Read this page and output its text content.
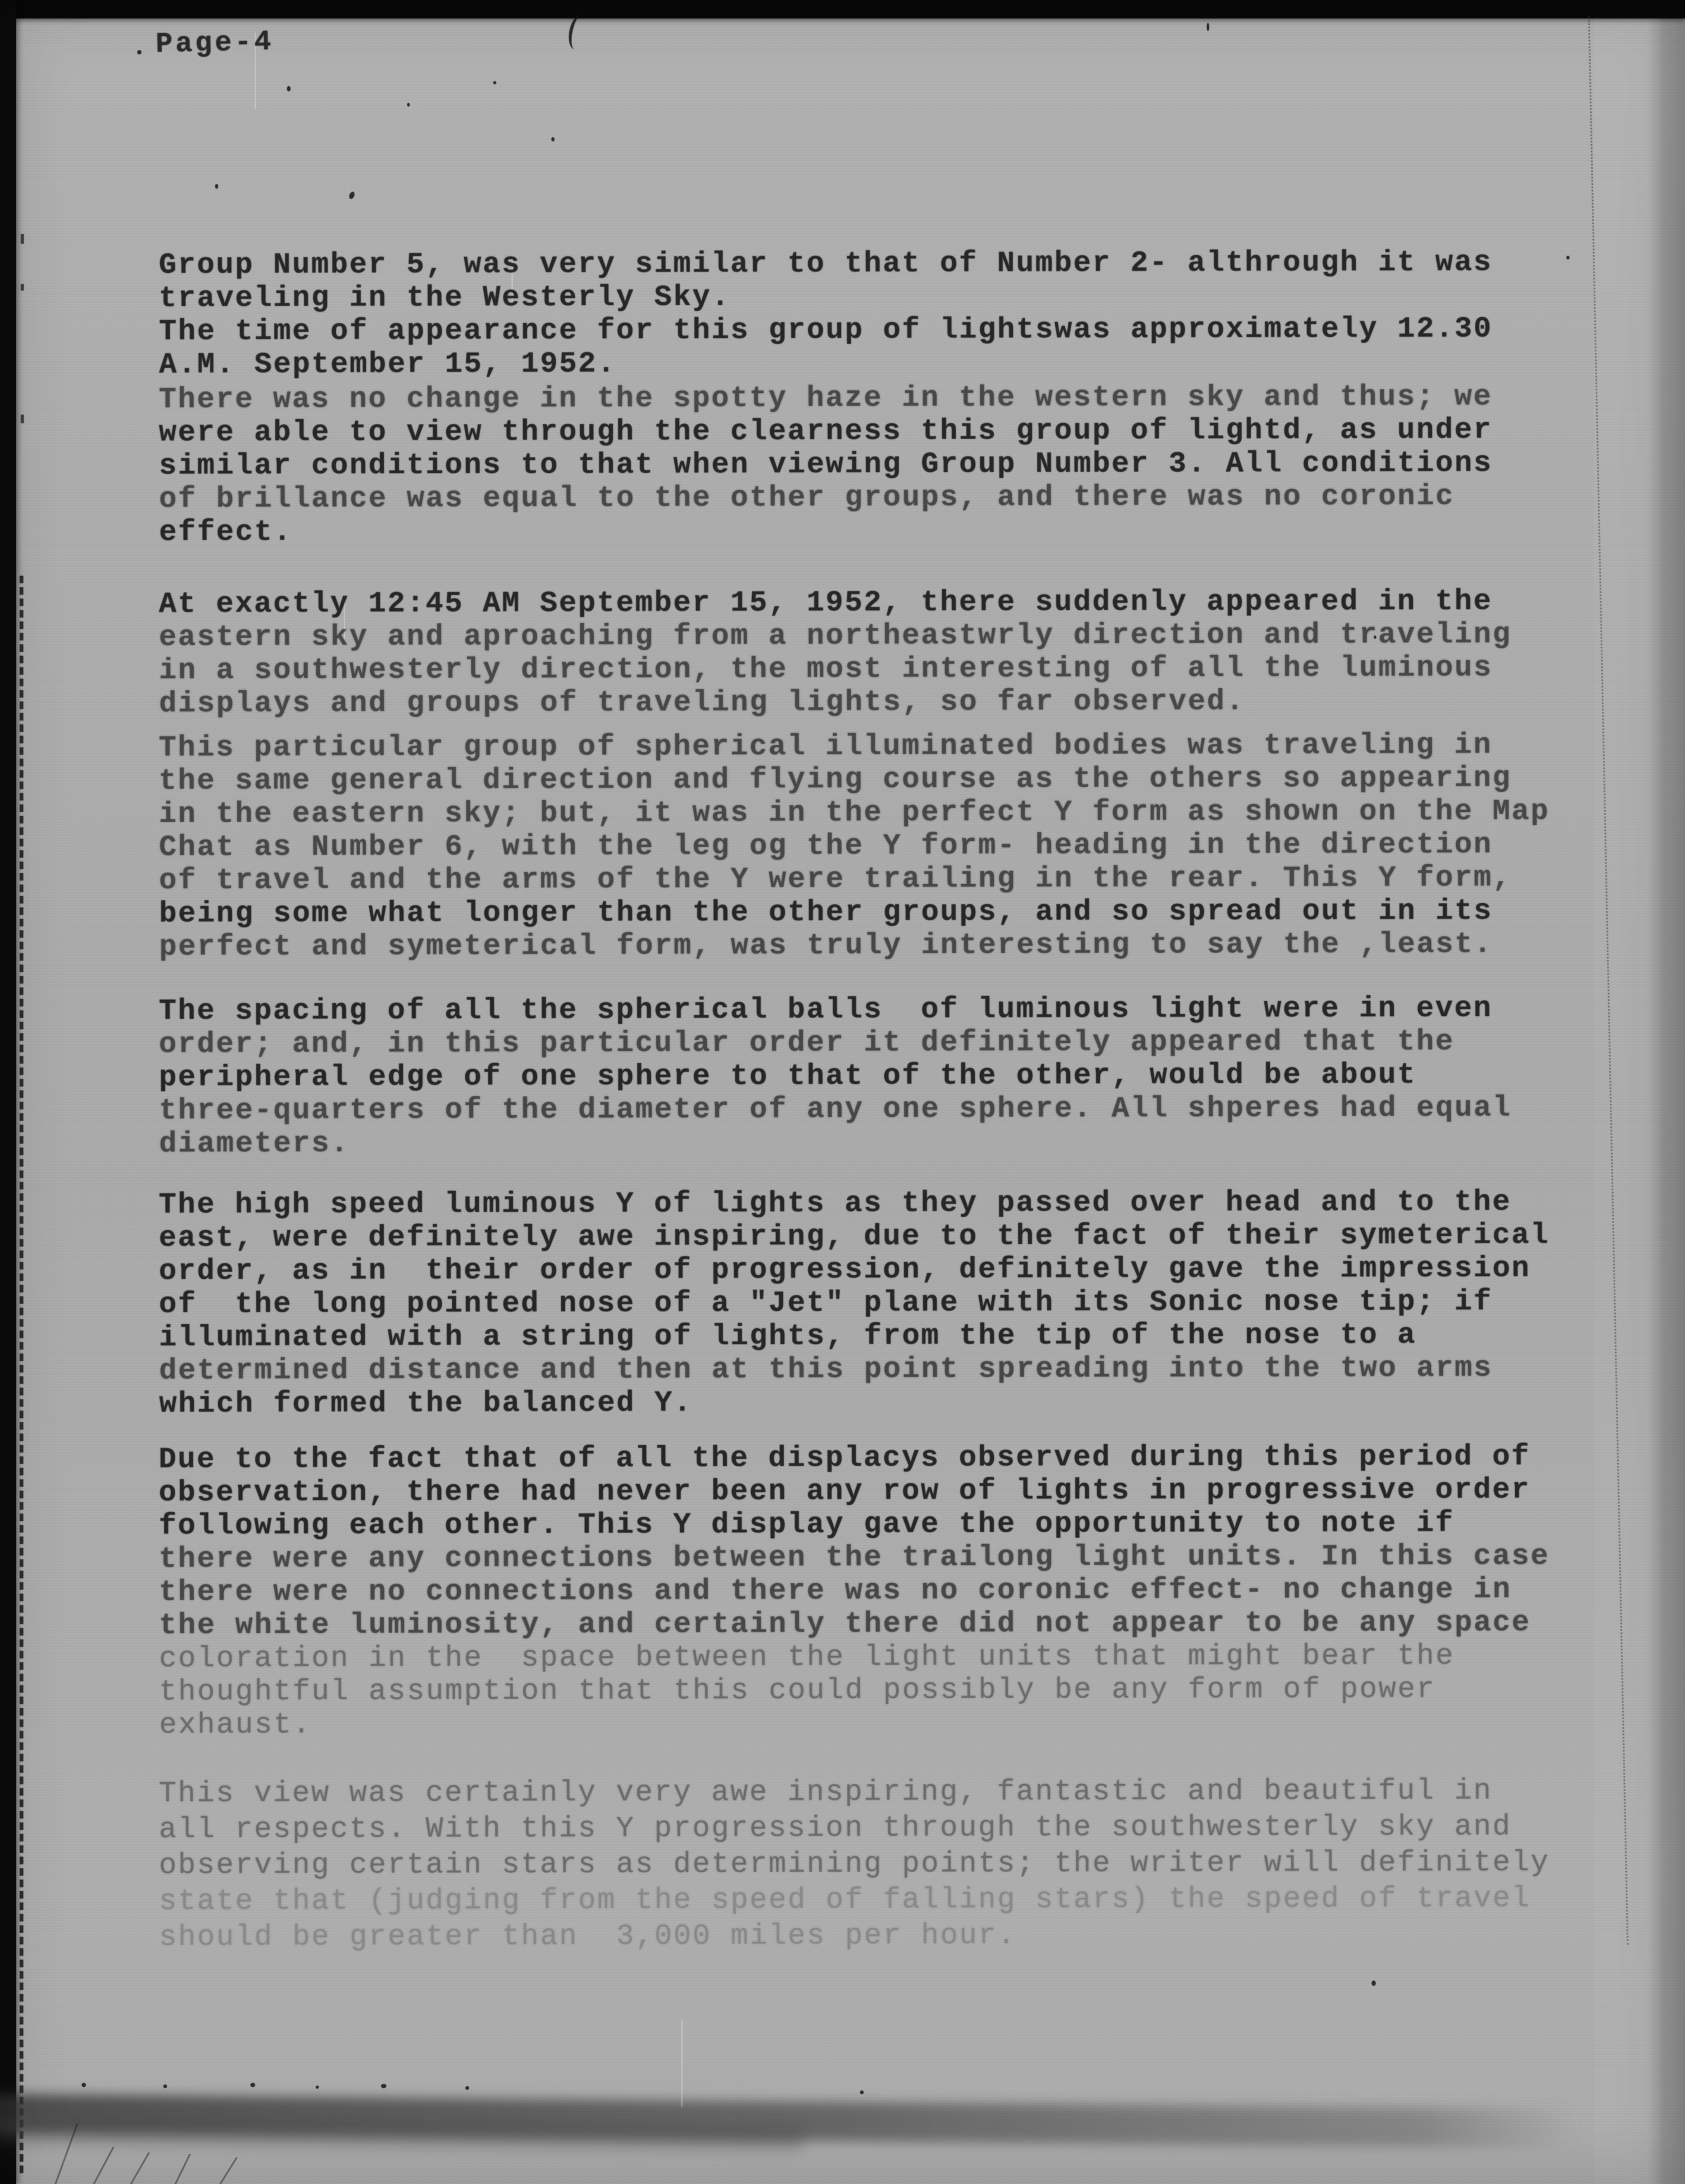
Page-4
Group Number 5, was very similar to that of Number 2- althrough it was
traveling in the Westerly Sky.
The time of appearance for this group of lightswas approximately 12.30
A.M. September 15, 1952.
There was no change in the spotty haze in the western sky and thus; we
were able to view through the clearness this group of lightd, as under
similar conditions to that when viewing Group Number 3. All conditions
of brillance was equal to the other groups, and there was no coronic
effect.
At exactly 12:45 AM September 15, 1952, there suddenly appeared in the
eastern sky and aproaching from a northeastwrly direction and traveling
in a southwesterly direction, the most interesting of all the luminous
displays and groups of traveling lights, so far observed.
This particular group of spherical illuminated bodies was traveling in
the same general direction and flying course as the others so appearing
in the eastern sky; but, it was in the perfect Y form as shown on the Map
Chat as Number 6, with the leg og the Y form- heading in the direction
of travel and the arms of the Y were trailing in the rear. This Y form,
being some what longer than the other groups, and so spread out in its
perfect and symeterical form, was truly interesting to say the ,least.
The spacing of all the spherical balls  of luminous light were in even
order; and, in this particular order it definitely appeared that the
peripheral edge of one sphere to that of the other, would be about
three-quarters of the diameter of any one sphere. All shperes had equal
diameters.
The high speed luminous Y of lights as they passed over head and to the
east, were definitely awe inspiring, due to the fact of their symeterical
order, as in  their order of progression, definitely gave the impression
of  the long pointed nose of a "Jet" plane with its Sonic nose tip; if
illuminated with a string of lights, from the tip of the nose to a
determined distance and then at this point spreading into the two arms
which formed the balanced Y.
Due to the fact that of all the displacys observed during this period of
observation, there had never been any row of lights in progressive order
following each other. This Y display gave the opportunity to note if
there were any connections between the trailong light units. In this case
there were no connections and there was no coronic effect- no change in
the white luminosity, and certainly there did not appear to be any space
coloration in the  space between the light units that might bear the
thoughtful assumption that this could possibly be any form of power
exhaust.
This view was certainly very awe inspiring, fantastic and beautiful in
all respects. With this Y progression through the southwesterly sky and
observing certain stars as determining points; the writer will definitely
state that (judging from the speed of falling stars) the speed of travel
should be greater than  3,000 miles per hour.
